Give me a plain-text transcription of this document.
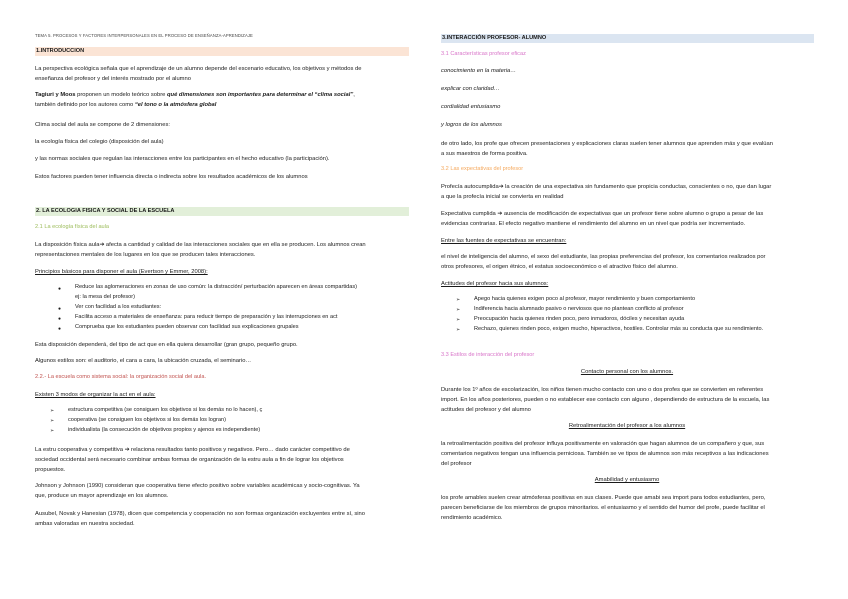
TEMA 5. PROCESOS Y FACTORES INTERPERSONALES EN EL PROCESO DE ENSEÑANZA-APRENDIZAJE
1.INTRODUCCION
La perspectiva ecológica señala que el aprendizaje de un alumno depende del escenario educativo, los objetivos y métodos de
enseñanza del profesor y del interés mostrado por el alumno
Tagiuri y Moos proponen un modelo teórico sobre qué dimensiones son importantes para determinar el “clima social”,
también definido por los autores como “el tono o la atmósfera global
Clima social del aula se compone de 2 dimensiones:
la ecología física del colegio (disposición del aula)
y las normas sociales que regulan las interacciones entre los participantes en el hecho educativo (la participación).
Estos factores pueden tener influencia directa o indirecta sobre los resultados académicos de los alumnos
2. LA ECOLOGIA FISICA Y SOCIAL DE LA ESCUELA
2.1 La ecología física del aula
La disposición física aula➔ afecta a cantidad y calidad de las interacciones sociales que en ella se producen. Los alumnos crean
representaciones mentales de los lugares en los que se producen tales interacciones.
Principios básicos para disponer el aula (Evertson y Emmer, 2008):
● Reduce las aglomeraciones en zonas de uso común: la distracción/ perturbación aparecen en áreas compartidas)
ej: la mesa del profesor)
● Ver con facilidad a los estudiantes:
● Facilita acceso a materiales de enseñanza: para reducir tiempo de preparación y las interrupciones en act
● Comprueba que los estudiantes pueden observar con facilidad sus explicaciones grupales
Esta disposición dependerá, del tipo de act que en ella quiera desarrollar (gran grupo, pequeño grupo.
Algunos estilos son: el auditorio, el cara a cara, la ubicación cruzada, el seminario…
2.2.- La escuela como sistema social: la organización social del aula.
Existen 3 modos de organizar la act en el aula:
➢ estructura competitiva (se consiguen los objetivos si los demás no lo hacen), ç
➢ cooperativa (se consiguen los objetivos si los demás los logran)
➢ individualista (la consecución de objetivos propios y ajenos es independiente)
La estru cooperativa y competitiva ➔ relaciona resultados tanto positivos y negativos. Pero… dado carácter competitivo de
sociedad occidental será necesario combinar ambas formas de organización de la estru aula a fin de lograr los objetivos
propuestos.
Johnson y Johnson (1990) consideran que cooperativa tiene efecto positivo sobre variables académicas y socio-cognitivas. Ya
que, produce un mayor aprendizaje en los alumnos.
Ausubel, Novak y Hanesian (1978), dicen que competencia y cooperación no son formas organización excluyentes entre sí, sino
ambas valoradas en nuestra sociedad.
3.INTERACCIÓN PROFESOR- ALUMNO
3.1 Características profesor eficaz
conocimiento en la materia…
explicar con claridad…
cordialidad entusiasmo
y logros de los alumnos
de otro lado, los profe que ofrecen presentaciones y explicaciones claras suelen tener alumnos que aprenden más y que evalúan
a sus maestros de forma positiva.
3.2 Las expectativas del profesor
Profecía autocumplida➔ la creación de una expectativa sin fundamento que propicia conductas, conscientes o no, que dan lugar
a que la profecía inicial se convierta en realidad
Expectativa cumplida ➔ ausencia de modificación de expectativas que un profesor tiene sobre alumno o grupo a pesar de las
evidencias contrarias. El efecto negativo mantiene el rendimiento del alumno en un nivel que podría ser incrementado.
Entre las fuentes de expectativas se encuentran:
el nivel de inteligencia del alumno, el sexo del estudiante, las propias preferencias del profesor, los comentarios realizados por
otros profesores, el origen étnico, el estatus socioeconómico o el atractivo físico del alumno.
Actitudes del profesor hacia sus alumnos:
➢ Apego hacia quienes exigen poco al profesor, mayor rendimiento y buen comportamiento
➢ Indiferencia hacia alumnado pasivo o nerviosos que no plantean conflicto al profesor
➢ Preocupación hacia quienes rinden poco, pero inmadoros, dóciles y necesitan ayuda
➢ Rechazo, quienes rinden poco, exigen mucho, hiperactivos, hostiles. Controlar más su conducta que su rendimiento.
3.3 Estilos de interacción del profesor
Contacto personal con los alumnos.
Durante los 1º años de escolarización, los niños tienen mucho contacto con uno o dos profes que se convierten en referentes
import. En los años posteriores, pueden o no establecer ese contacto con alguno , dependiendo de estructura de la escuela, las
actitudes del profesor y del alumno
Retroalimentación del profesor a los alumnos
la retroalimentación positiva del profesor influya positivamente en valoración que hagan alumnos de un compañero y que, sus
comentarios negativos tengan una influencia perniciosa. También se ve tipos de alumnos son más receptivos a las indicaciones
del profesor
Amabilidad y entusiasmo
los profe amables suelen crear atmósferas positivas en sus clases. Puede que amabi sea import para todos estudiantes, pero,
parecen beneficiarse de los miembros de grupos minoritarios. el entusiasmo y el sentido del humor del profe, puede facilitar el
rendimiento académico.
